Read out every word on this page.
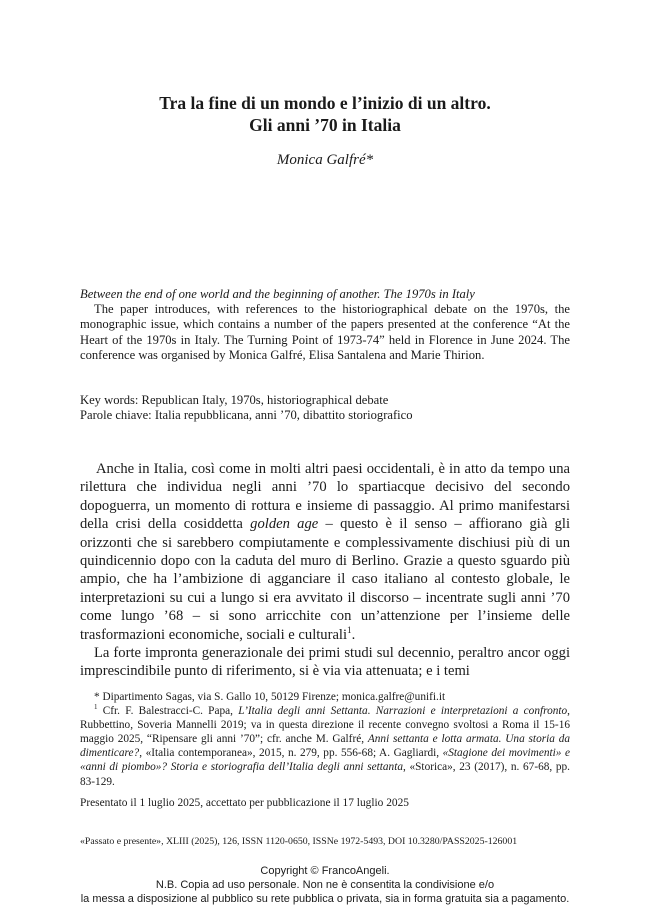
Tra la fine di un mondo e l’inizio di un altro.
Gli anni ’70 in Italia
Monica Galfré*
Between the end of one world and the beginning of another. The 1970s in Italy
The paper introduces, with references to the historiographical debate on the 1970s, the monographic issue, which contains a number of the papers presented at the conference “At the Heart of the 1970s in Italy. The Turning Point of 1973-74” held in Florence in June 2024. The conference was organised by Monica Galfré, Elisa Santalena and Marie Thirion.
Key words: Republican Italy, 1970s, historiographical debate
Parole chiave: Italia repubblicana, anni ’70, dibattito storiografico

Anche in Italia, così come in molti altri paesi occidentali, è in atto da tempo una rilettura che individua negli anni ’70 lo spartiacque decisivo del secondo dopoguerra, un momento di rottura e insieme di passaggio. Al primo manifestarsi della crisi della cosiddetta golden age – questo è il senso – affiorano già gli orizzonti che si sarebbero compiutamente e complessivamente dischiusi più di un quindicennio dopo con la caduta del muro di Berlino. Grazie a questo sguardo più ampio, che ha l’ambizione di agganciare il caso italiano al contesto globale, le interpretazioni su cui a lungo si era avvitato il discorso – incentrate sugli anni ’70 come lungo ’68 – si sono arricchite con un’attenzione per l’insieme delle trasformazioni economiche, sociali e culturali$^1$.

La forte impronta generazionale dei primi studi sul decennio, peraltro ancor oggi imprescindibile punto di riferimento, si è via via attenuata; e i temi

* Dipartimento Sagas, via S. Gallo 10, 50129 Firenze; monica.galfre@unifi.it

$^1$ Cfr. F. Balestracci-C. Papa, L’Italia degli anni Settanta. Narrazioni e interpretazioni a confronto, Rubbettino, Soveria Mannelli 2019; va in questa direzione il recente convegno svoltosi a Roma il 15-16 maggio 2025, “Ripensare gli anni ’70”; cfr. anche M. Galfré, Anni settanta e lotta armata. Una storia da dimenticare?, «Italia contemporanea», 2015, n. 279, pp. 556-68; A. Gagliardi, «Stagione dei movimenti» e «anni di piombo»? Storia e storiografia dell’Italia degli anni settanta, «Storica», 23 (2017), n. 67-68, pp. 83-129.

Presentato il 1 luglio 2025, accettato per pubblicazione il 17 luglio 2025
«Passato e presente», XLIII (2025), 126, ISSN 1120-0650, ISSNe 1972-5493, DOI 10.3280/PASS2025-126001
Copyright © FrancoAngeli.
N.B. Copia ad uso personale. Non ne è consentita la condivisione e/o
la messa a disposizione al pubblico su rete pubblica o privata, sia in forma gratuita sia a pagamento.
